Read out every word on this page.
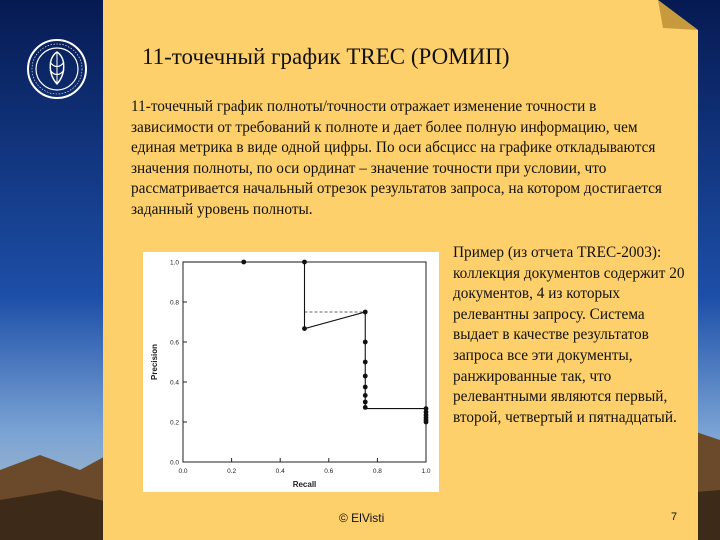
11-точечный график TREC (РОМИП)
11-точечный график полноты/точности отражает изменение точности в зависимости от требований к полноте и дает более полную информацию, чем единая метрика в виде одной цифры. По оси абсцисс на графике откладываются значения полноты, по оси ординат – значение точности при условии, что рассматривается начальный отрезок результатов запроса, на котором достигается заданный уровень полноты.
Пример (из отчета TREC-2003): коллекция документов содержит 20 документов, 4 из которых релевантны запросу. Система выдает в качестве результатов запроса все эти документы, ранжированные так, что релевантными являются первый, второй, четвертый и пятнадцатый.
0.0	0.2	0.4	0.6	0.8	1.0
0.0
0.2
0.4
0.6
0.8
1.0
Recall
Precision
© ElVisti	7
